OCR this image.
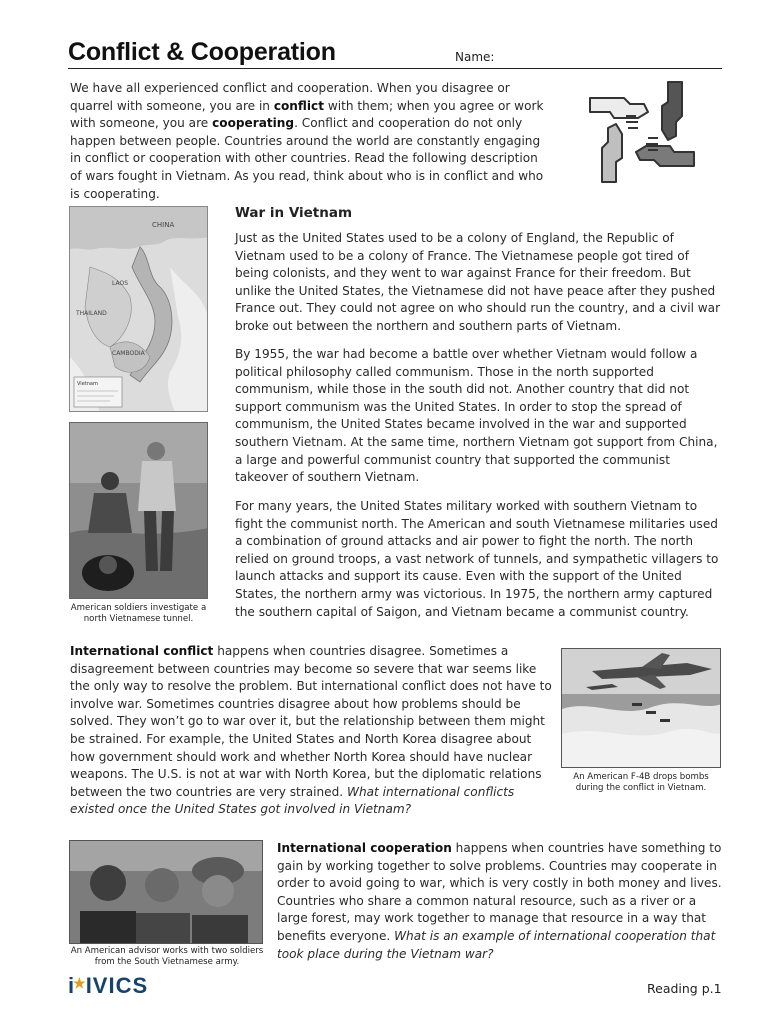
Conflict & Cooperation	Name:

We have all experienced conflict and cooperation. When you disagree or quarrel with someone, you are in conflict with them; when you agree or work with someone, you are cooperating. Conflict and cooperation do not only happen between people. Countries around the world are constantly engaging in conflict or cooperation with other countries. Read the following description of wars fought in Vietnam. As you read, think about who is in conflict and who is cooperating.

CHINA
LAOS
THAILAND
CAMBODIA
Vietnam
American soldiers investigate a north Vietnamese tunnel.
War in Vietnam

Just as the United States used to be a colony of England, the Republic of Vietnam used to be a colony of France. The Vietnamese people got tired of being colonists, and they went to war against France for their freedom. But unlike the United States, the Vietnamese did not have peace after they pushed France out. They could not agree on who should run the country, and a civil war broke out between the northern and southern parts of Vietnam.

By 1955, the war had become a battle over whether Vietnam would follow a political philosophy called communism. Those in the north supported communism, while those in the south did not. Another country that did not support communism was the United States. In order to stop the spread of communism, the United States became involved in the war and supported southern Vietnam. At the same time, northern Vietnam got support from China, a large and powerful communist country that supported the communist takeover of southern Vietnam.

For many years, the United States military worked with southern Vietnam to fight the communist north. The American and south Vietnamese militaries used a combination of ground attacks and air power to fight the north. The north relied on ground troops, a vast network of tunnels, and sympathetic villagers to launch attacks and support its cause. Even with the support of the United States, the northern army was victorious. In 1975, the northern army captured the southern capital of Saigon, and Vietnam became a communist country.

International conflict happens when countries disagree. Sometimes a disagreement between countries may become so severe that war seems like the only way to resolve the problem. But international conflict does not have to involve war. Sometimes countries disagree about how problems should be solved. They won’t go to war over it, but the relationship between them might be strained. For example, the United States and North Korea disagree about how government should work and whether North Korea should have nuclear weapons. The U.S. is not at war with North Korea, but the diplomatic relations between the two countries are very strained. What international conflicts existed once the United States got involved in Vietnam?

An American F-4B drops bombs during the conflict in Vietnam.
An American advisor works with two soldiers from the South Vietnamese army.

International cooperation happens when countries have something to gain by working together to solve problems. Countries may cooperate in order to avoid going to war, which is very costly in both money and lives. Countries who share a common natural resource, such as a river or a large forest, may work together to manage that resource in a way that benefits everyone. What is an example of international cooperation that took place during the Vietnam war?

i★IVICS	Reading p.1
